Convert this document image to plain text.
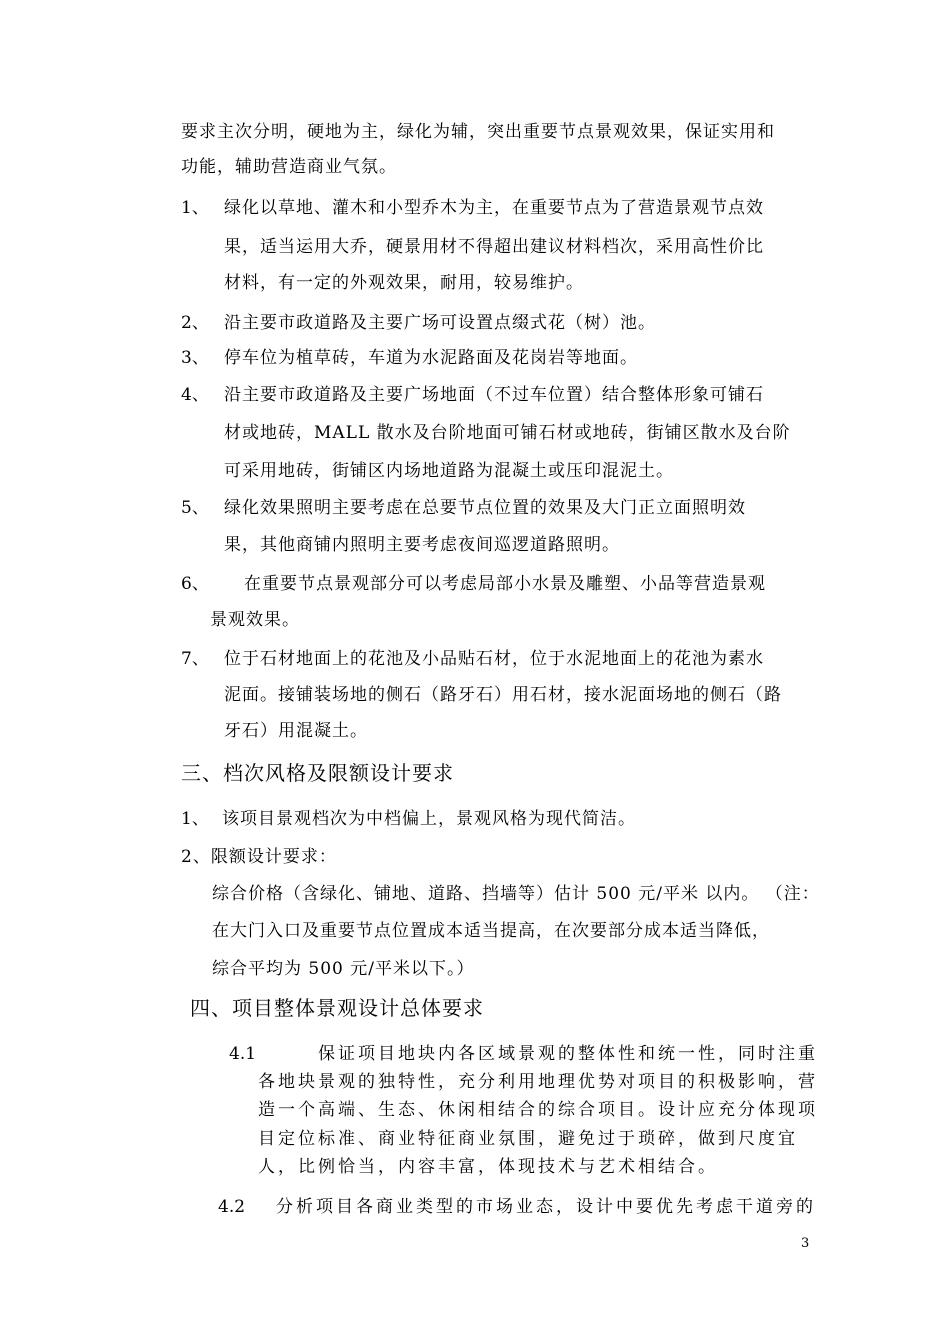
要求主次分明，硬地为主，绿化为辅，突出重要节点景观效果，保证实用和
功能，辅助营造商业气氛。
1、 绿化以草地、灌木和小型乔木为主，在重要节点为了营造景观节点效
果，适当运用大乔，硬景用材不得超出建议材料档次，采用高性价比
材料，有一定的外观效果，耐用，较易维护。
2、 沿主要市政道路及主要广场可设置点缀式花（树）池。
3、 停车位为植草砖，车道为水泥路面及花岗岩等地面。
4、 沿主要市政道路及主要广场地面（不过车位置）结合整体形象可铺石
材或地砖，MALL 散水及台阶地面可铺石材或地砖，街铺区散水及台阶
可采用地砖，街铺区内场地道路为混凝土或压印混泥土。
5、 绿化效果照明主要考虑在总要节点位置的效果及大门正立面照明效
果，其他商铺内照明主要考虑夜间巡逻道路照明。
6、 在重要节点景观部分可以考虑局部小水景及雕塑、小品等营造景观
景观效果。
7、 位于石材地面上的花池及小品贴石材，位于水泥地面上的花池为素水
泥面。接铺装场地的侧石（路牙石）用石材，接水泥面场地的侧石（路
牙石）用混凝土。
三、档次风格及限额设计要求
1、 该项目景观档次为中档偏上，景观风格为现代简洁。
2、限额设计要求：
综合价格（含绿化、铺地、道路、挡墙等）估计 500 元/平米 以内。 （注：
在大门入口及重要节点位置成本适当提高，在次要部分成本适当降低，
综合平均为 500 元/平米以下。）
四、项目整体景观设计总体要求
4.1	保证项目地块内各区域景观的整体性和统一性，同时注重
各地块景观的独特性，充分利用地理优势对项目的积极影响，营
造一个高端、生态、休闲相结合的综合项目。设计应充分体现项
目定位标准、商业特征商业氛围，避免过于琐碎，做到尺度宜
人，比例恰当，内容丰富，体现技术与艺术相结合。
4.2 分析项目各商业类型的市场业态，设计中要优先考虑干道旁的
3
